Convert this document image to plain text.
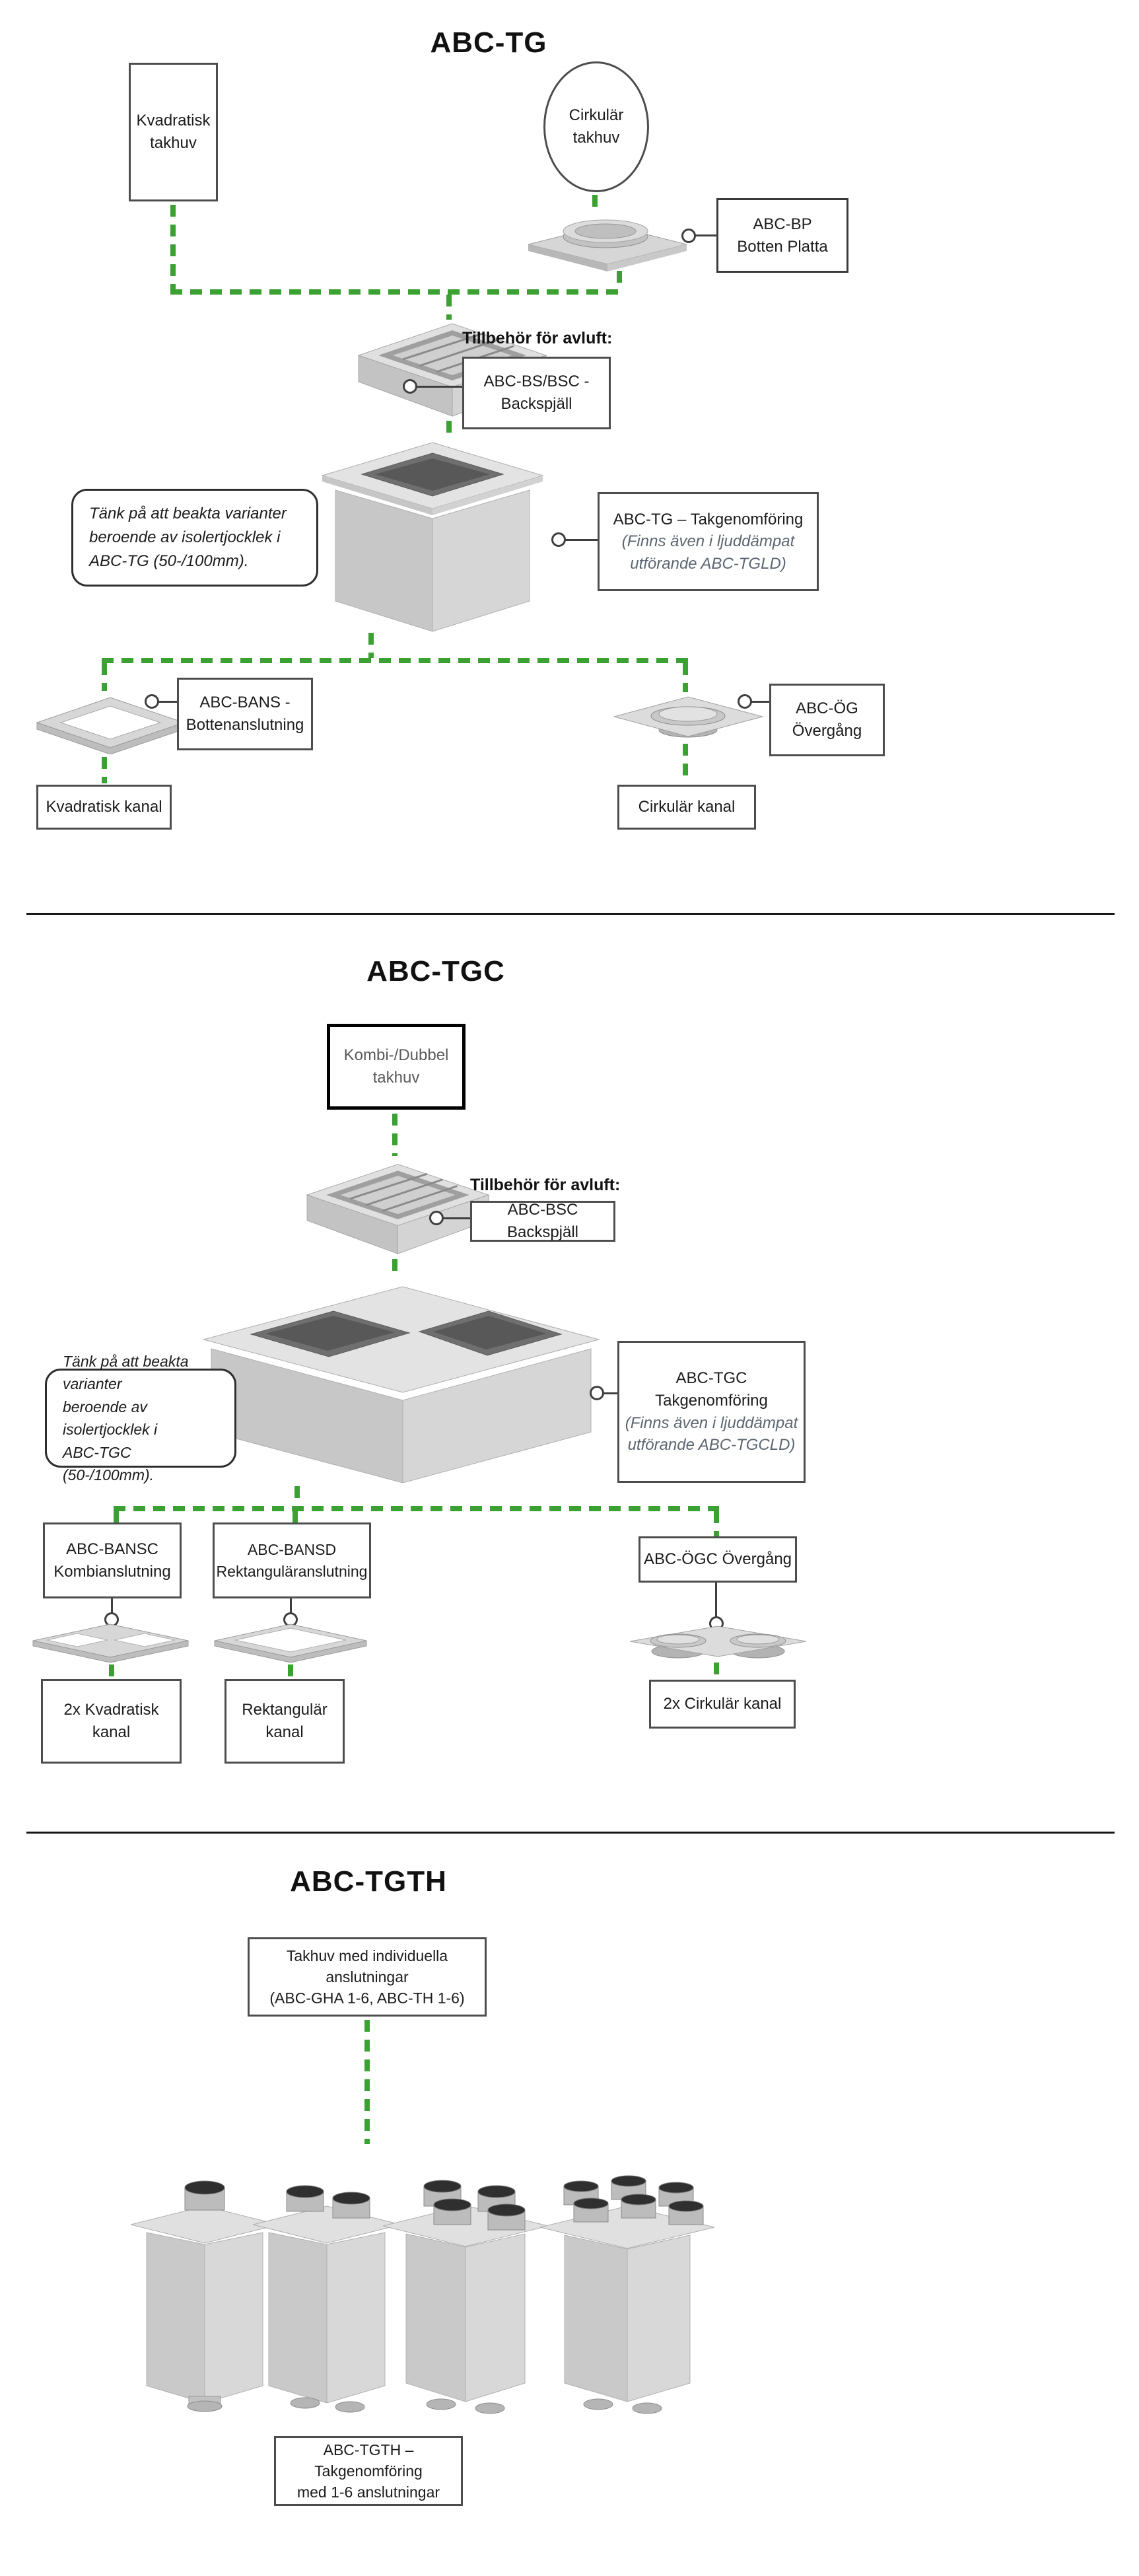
ABC-TG
Kvadratisk
takhuv
Cirkulär
takhuv
ABC-BP
Botten Platta
Tillbehör för avluft:
ABC-BS/BSC -
Backspjäll
Tänk på att beakta varianter
beroende av isolertjocklek i
ABC-TG (50-/100mm).
ABC-TG – Takgenomföring
(Finns även i ljuddämpat
utförande ABC-TGLD)
ABC-BANS -
Bottenanslutning
Kvadratisk kanal
ABC-ÖG
Övergång
Cirkulär kanal
ABC-TGC
Kombi-/Dubbel
takhuv
Tillbehör för avluft:
ABC-BSC Backspjäll
Tänk på att beakta varianter
beroende av isolertjocklek i
ABC-TGC (50-/100mm).
ABC-TGC
Takgenomföring
(Finns även i ljuddämpat
utförande ABC-TGCLD)
ABC-BANSC
Kombianslutning
ABC-BANSD
Rektanguläranslutning
ABC-ÖGC Övergång
2x Kvadratisk
kanal
Rektangulär
kanal
2x Cirkulär kanal
ABC-TGTH
Takhuv med individuella anslutningar
(ABC-GHA 1-6, ABC-TH 1-6)
ABC-TGTH – Takgenomföring
med 1-6 anslutningar
